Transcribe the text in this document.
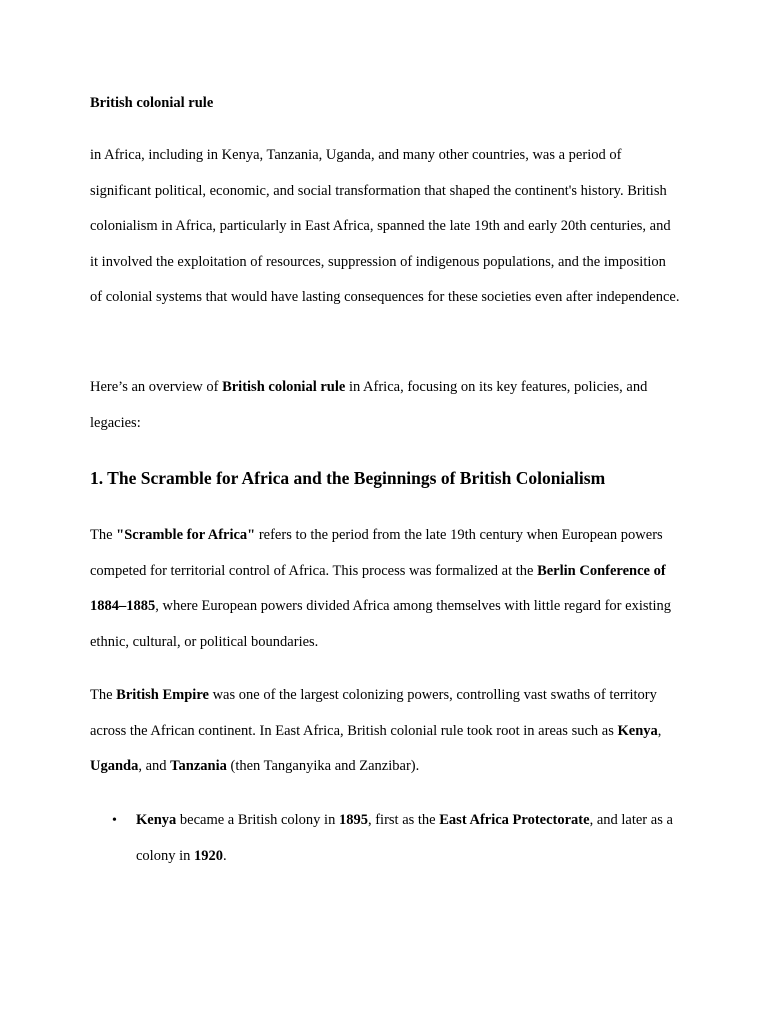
British colonial rule

in Africa, including in Kenya, Tanzania, Uganda, and many other countries, was a period of significant political, economic, and social transformation that shaped the continent's history. British colonialism in Africa, particularly in East Africa, spanned the late 19th and early 20th centuries, and it involved the exploitation of resources, suppression of indigenous populations, and the imposition of colonial systems that would have lasting consequences for these societies even after independence.

Here’s an overview of British colonial rule in Africa, focusing on its key features, policies, and legacies:

1. The Scramble for Africa and the Beginnings of British Colonialism

The "Scramble for Africa" refers to the period from the late 19th century when European powers competed for territorial control of Africa. This process was formalized at the Berlin Conference of 1884–1885, where European powers divided Africa among themselves with little regard for existing ethnic, cultural, or political boundaries.

The British Empire was one of the largest colonizing powers, controlling vast swaths of territory across the African continent. In East Africa, British colonial rule took root in areas such as Kenya, Uganda, and Tanzania (then Tanganyika and Zanzibar).

• Kenya became a British colony in 1895, first as the East Africa Protectorate, and later as a colony in 1920.
